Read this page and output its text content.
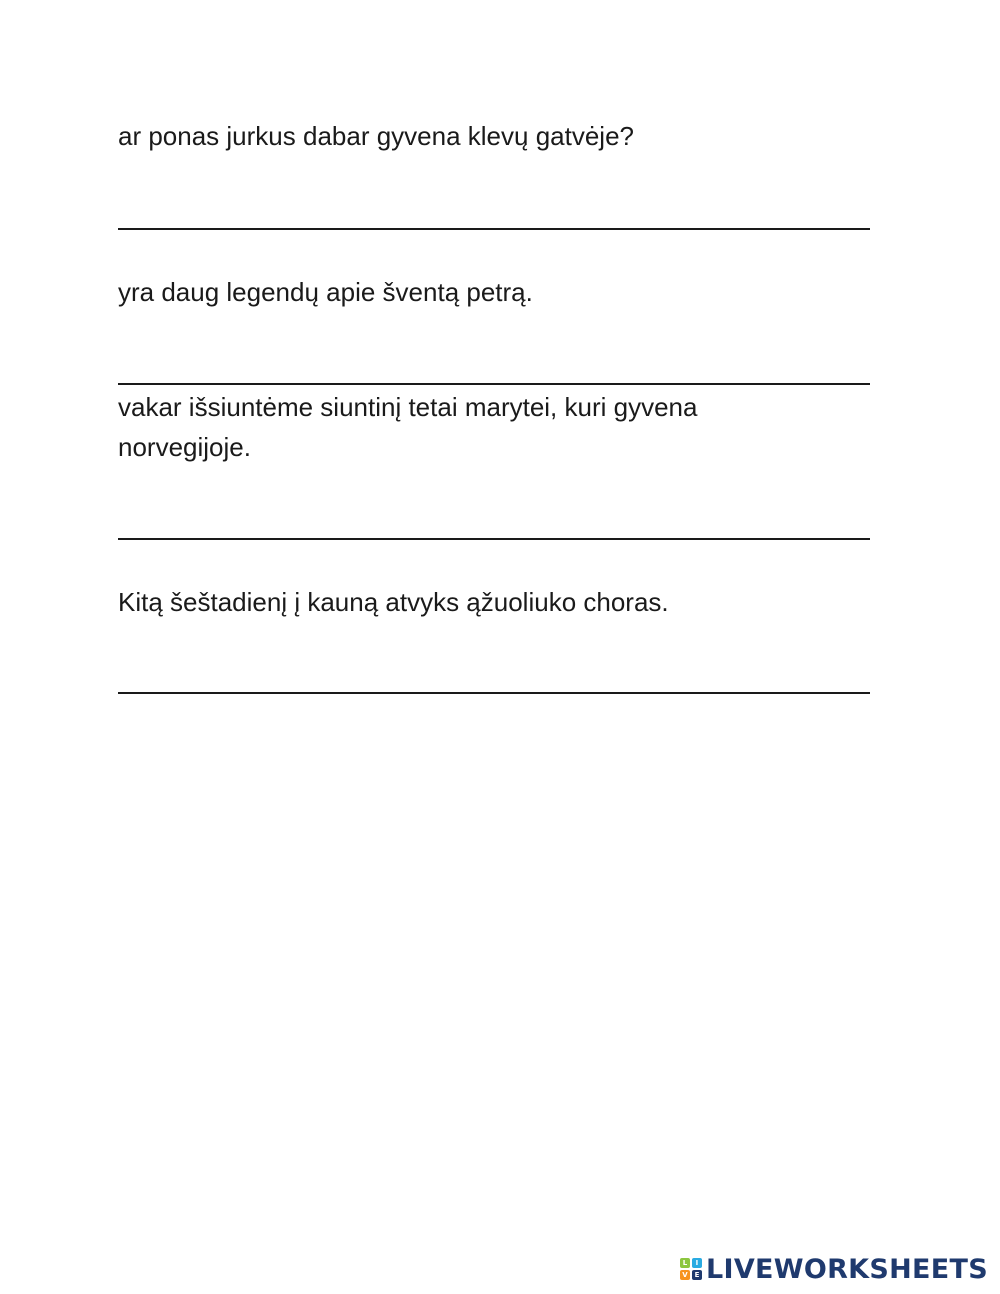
ar ponas jurkus dabar gyvena klevų gatvėje?

yra daug legendų apie šventą petrą.

vakar išsiuntėme siuntinį tetai marytei, kuri gyvena norvegijoje.

Kitą šeštadienį į kauną atvyks ąžuoliuko choras.

L	I
V E LIVEWORKSHEETS
